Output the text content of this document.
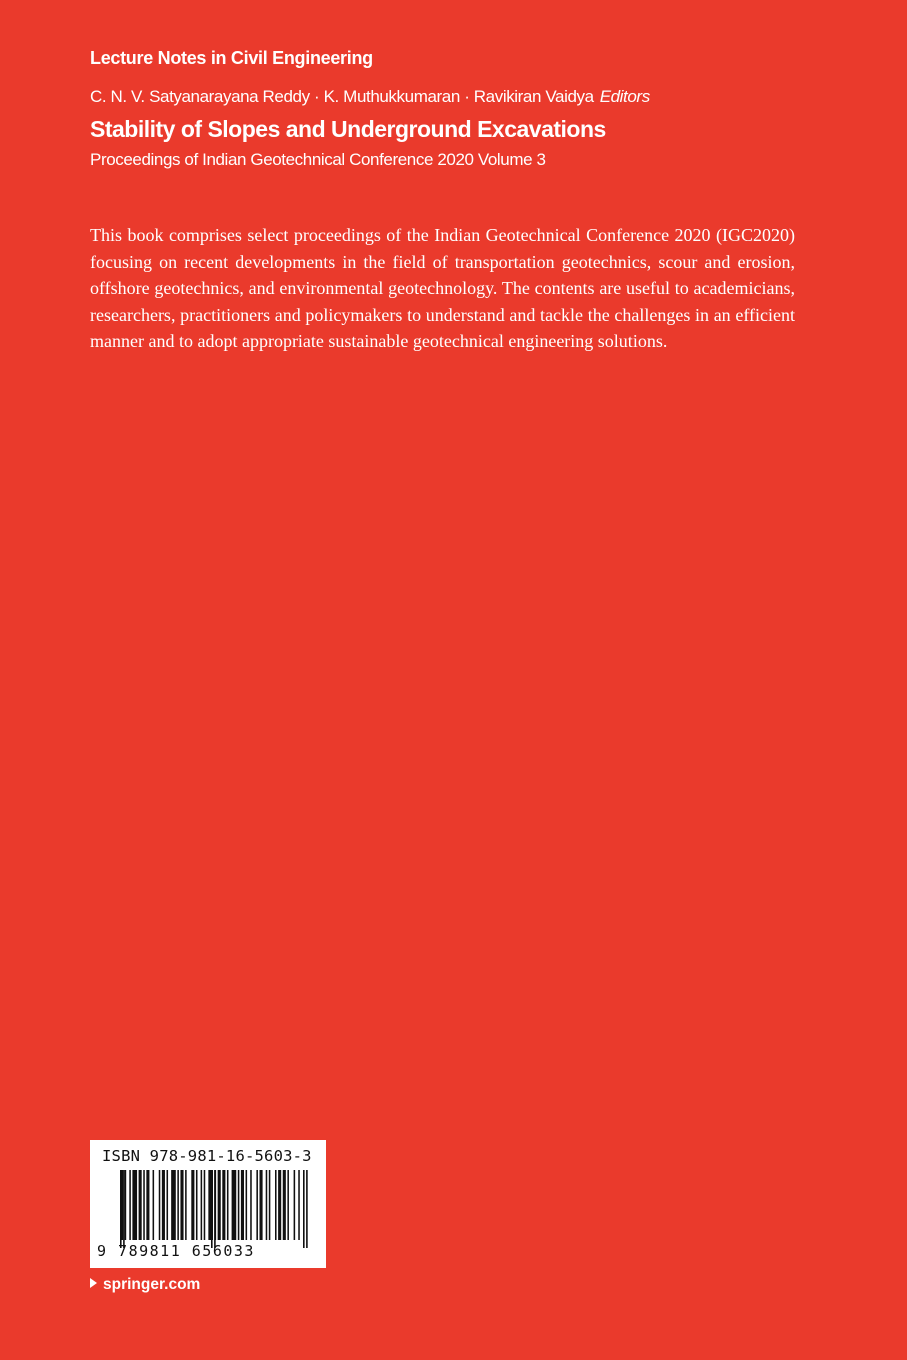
Lecture Notes in Civil Engineering
C. N. V. Satyanarayana Reddy · K. Muthukkumaran · Ravikiran Vaidya Editors
Stability of Slopes and Underground Excavations
Proceedings of Indian Geotechnical Conference 2020 Volume 3
This book comprises select proceedings of the Indian Geotechnical Conference 2020 (IGC2020) focusing on recent developments in the field of transportation geotechnics, scour and erosion, offshore geotechnics, and environmental geotechnology. The contents are useful to academicians, researchers, practitioners and policymakers to understand and tackle the challenges in an efficient manner and to adopt appropriate sustainable geotechnical engineering solutions.
ISBN 978-981-16-5603-3
9 789811 656033
springer.com
